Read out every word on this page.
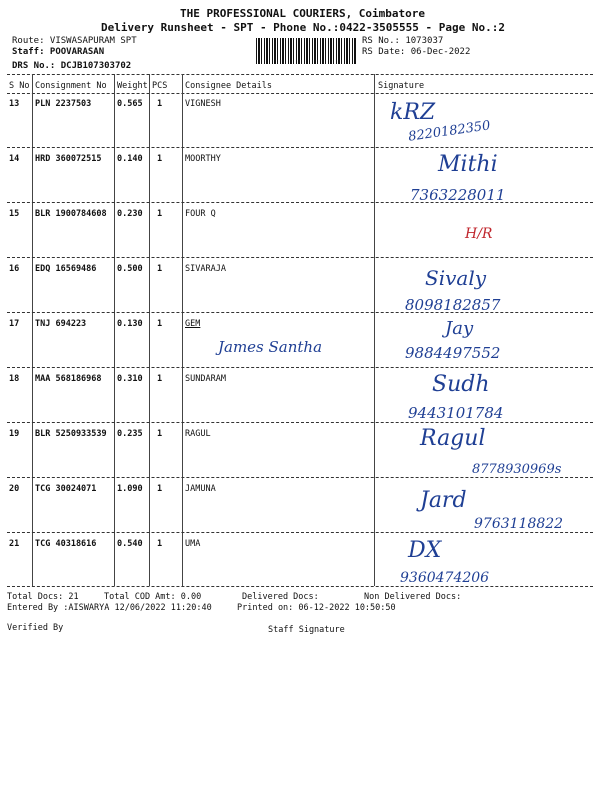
THE PROFESSIONAL COURIERS, Coimbatore
Delivery Runsheet - SPT - Phone No.:0422-3505555 - Page No.:2
Route: VISWASAPURAM SPT
Staff: POOVARASAN
DRS No.: DCJB107303702
RS No.: 1073037
RS Date: 06-Dec-2022
S No Consignment No Weight PCS Consignee Details	Signature
13 PLN 2237503	0.565 1	VIGNESH	kRZ
8220182350
14 HRD 360072515 0.140 1	MOORTHY	Mithi
7363228011
15 BLR 1900784608 0.230 1	FOUR Q
H/R
16 EDQ 16569486 0.500 1	SIVARAJA	Sivaly
8098182857
17 TNJ 694223	0.130 1	GEM
James Santha
Jay
9884497552
18 MAA 568186968 0.310 1	SUNDARAM	Sudh
9443101784
19 BLR 5250933539 0.235 1	RAGUL	Ragul
8778930969s
20 TCG 30024071 1.090 1	JAMUNA	Jard
9763118822
21 TCG 40318616 0.540 1	UMA	DX
9360474206
Total Docs: 21	Total COD Amt: 0.00	Delivered Docs:	Non Delivered Docs:
Entered By :AISWARYA 12/06/2022 11:20:40	Printed on: 06-12-2022 10:50:50
Verified By	Staff Signature
